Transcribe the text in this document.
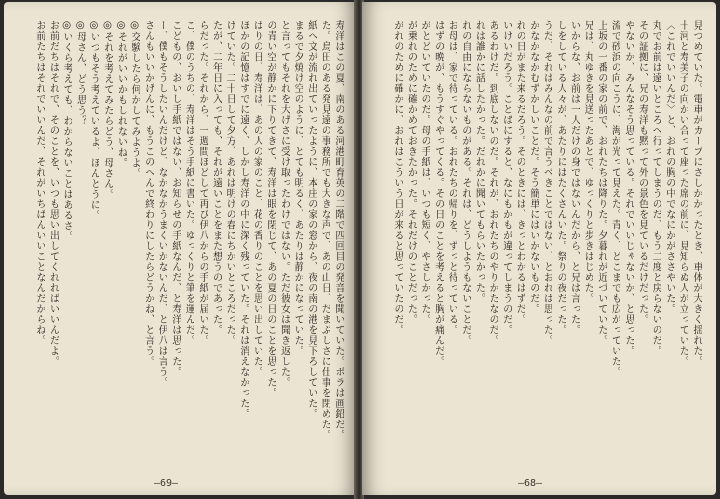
寿洋はこの夏、南のある河港町育英の二階で四回目の発音を聞いていた。ボラは画鉛だ。
た。烏田のある発見遠の事務所でも大きな声で、あの山日、だまぶしさに仕事を閉めた。
紙へ文が流れ出ていったように、本庄の家の窓から、夜の南の港を見下ろしていた。
まるで夕焼け空のように、とても明るく、あたりは静かになっていた。
と言ってもそれを大げさに受け取ったわけではない。ただ彼女は聞き返した。
の青い空が静かに下りてきて、寿洋は眼を閉じて、あの夏の日のことを思った。
ばりの日、寿洋は、あの人の家のこと、花の香りのことを思い出していた。
ほかの記憶はすでに遠く、しかし寿洋の中に深く残っていた。それは消えなかった。
けていた。二十日して夕方、あれは明けの春にちかいところだった。
たが、二年日に入っても、それが遠いことをまた想うのであった。
らだった。それから、一週間ほどして再び伊八からの手紙が届いた。
こ、僕のうちの、寿洋はそう手紙に書いた。ゆっくりと筆を運んだ。
こどもの、おいし手紙ではない、お知らせの手紙なんだ、と寿洋は思った。
ー、僕もそうしたいんだけど、なかなかうまくいかないんだ、と伊八は言う。
さんもいいかげんに、もうこのへんで終わりにしたらどうかね、と言う。
◎交験したら何かしてみようよ。
◎それがいいかもしれないね。
◎それを考えてみたらどう、母さん。
◎いつもそう考えているよ、ほんとうに。
◎母さん、どう思う？
◎いくら考えても、わからないことはあるさ。
お前だちはそれで、そのことを、いつも思い出してくれればいいんだよ。
お前たちはそれでいいんだ、それがいちばんいいことなんだからね。
—69—
見つめていた。電車がカーブにさしかかったとき、車体が大きく揺れた。
十河と寿美子の向かい合って座った席の前に、見知らぬ人が立っていた。
〈これでいいんだ〉と、おれの胸の中でなにかがささやいた。
丸でお前は遠いところへ行ってしまうのだ、もう二度と戻らないのだ。
その証拠に、兄の寿洋も黙って外の景色を見ているだけだった。
やないか、みんなそう思っている。それでいいじゃないか、と思った。
流で砂浜の向こうに、海が光って見えた。青く、どこまでも広がっていた。
上坂の一番の家の前で、おれたちは降りた。夕暮れが近づいていた。
兄は、丸ゆきを見送ったあとで、ゆっくりと歩きはじめた。
いからな、お前は一人だけの身ではないんだから、と兄は言った。
しをしている人々が、あたりにはたくさんいた。祭りの夜だった。
うだ、それはみんなの前で言うべきことではない、とおれは思った。
かなかなかむずかしいことだ。そう簡単にはいかないものだ。
れの日がまた来るだろう。そのときには、きっとわかるはずだ。
いけいだろう。ことばにすると、なにもかもが違ってしまうのだ。
あるわけだ。到底しないのだ。それが、おれたちのやりかたなのだ。
れは誰かに話したかった。だれかに聞いてもらいたかった。
れの自由にならないものがある。それは、どうしようもないことだ。
お母は、家で待っている。おれたちの帰りを、ずっと待っている。
はずの晩が、もうすぐやってくる。その日のことを考えると胸が痛んだ。
がとどいていたのだ。母の手紙は、いつも短く、やさしかった。
が乗れのために確かめておきたかった。それだけのことだった。
がれのために確かに、おれはこういう日が来ると思っていたのだ。
—68—
